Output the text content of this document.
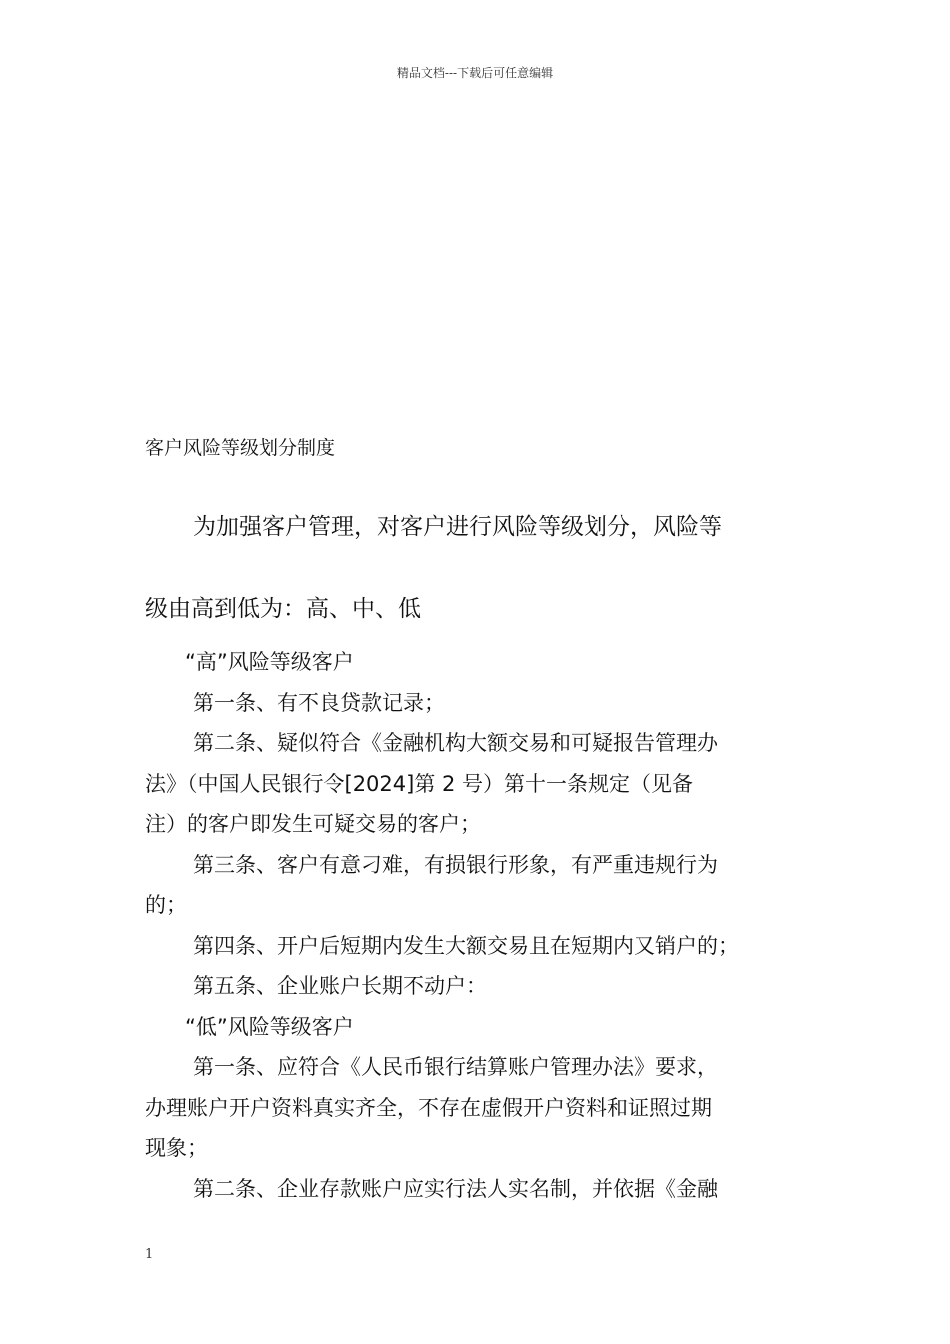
精品文档---下载后可任意编辑
客户风险等级划分制度
为加强客户管理，对客户进行风险等级划分，风险等
级由高到低为：高、中、低
“高”风险等级客户
第一条、有不良贷款记录；
第二条、疑似符合《金融机构大额交易和可疑报告管理办
法》（中国人民银行令[2024]第 2 号）第十一条规定（见备
注）的客户即发生可疑交易的客户；
第三条、客户有意刁难，有损银行形象，有严重违规行为
的；
第四条、开户后短期内发生大额交易且在短期内又销户的；
第五条、企业账户长期不动户：
“低”风险等级客户
第一条、应符合《人民币银行结算账户管理办法》要求，
办理账户开户资料真实齐全，不存在虚假开户资料和证照过期
现象；
第二条、企业存款账户应实行法人实名制，并依据《金融
1
